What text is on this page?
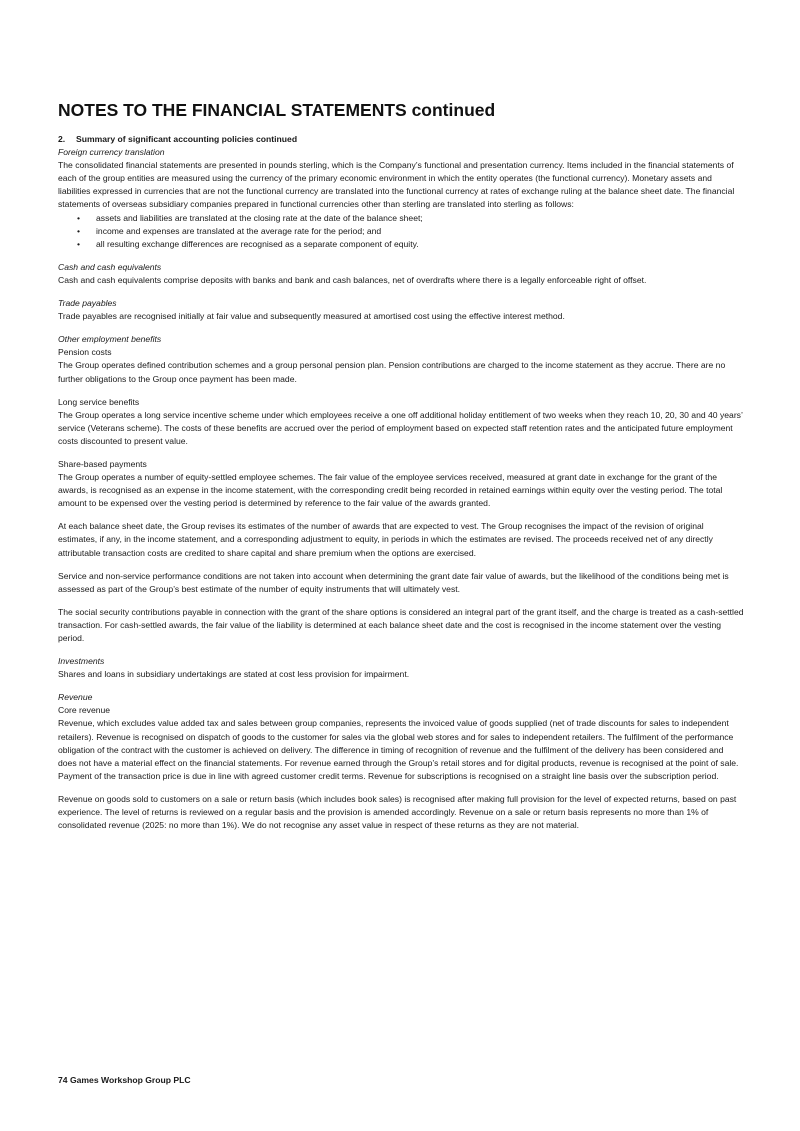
NOTES TO THE FINANCIAL STATEMENTS continued

2. Summary of significant accounting policies continued

Foreign currency translation

The consolidated financial statements are presented in pounds sterling, which is the Company’s functional and presentation currency. Items included in the financial statements of each of the group entities are measured using the currency of the primary economic environment in which the entity operates (the functional currency). Monetary assets and liabilities expressed in currencies that are not the functional currency are translated into the functional currency at rates of exchange ruling at the balance sheet date. The financial statements of overseas subsidiary companies prepared in functional currencies other than sterling are translated into sterling as follows:

• assets and liabilities are translated at the closing rate at the date of the balance sheet;
• income and expenses are translated at the average rate for the period; and
• all resulting exchange differences are recognised as a separate component of equity.

Cash and cash equivalents

Cash and cash equivalents comprise deposits with banks and bank and cash balances, net of overdrafts where there is a legally enforceable right of offset.

Trade payables

Trade payables are recognised initially at fair value and subsequently measured at amortised cost using the effective interest method.

Other employment benefits

Pension costs

The Group operates defined contribution schemes and a group personal pension plan. Pension contributions are charged to the income statement as they accrue. There are no further obligations to the Group once payment has been made.

Long service benefits

The Group operates a long service incentive scheme under which employees receive a one off additional holiday entitlement of two weeks when they reach 10, 20, 30 and 40 years’ service (Veterans scheme). The costs of these benefits are accrued over the period of employment based on expected staff retention rates and the anticipated future employment costs discounted to present value.

Share-based payments

The Group operates a number of equity-settled employee schemes. The fair value of the employee services received, measured at grant date in exchange for the grant of the awards, is recognised as an expense in the income statement, with the corresponding credit being recorded in retained earnings within equity over the vesting period. The total amount to be expensed over the vesting period is determined by reference to the fair value of the awards granted.

At each balance sheet date, the Group revises its estimates of the number of awards that are expected to vest. The Group recognises the impact of the revision of original estimates, if any, in the income statement, and a corresponding adjustment to equity, in periods in which the estimates are revised. The proceeds received net of any directly attributable transaction costs are credited to share capital and share premium when the options are exercised.

Service and non-service performance conditions are not taken into account when determining the grant date fair value of awards, but the likelihood of the conditions being met is assessed as part of the Group’s best estimate of the number of equity instruments that will ultimately vest.

The social security contributions payable in connection with the grant of the share options is considered an integral part of the grant itself, and the charge is treated as a cash-settled transaction. For cash-settled awards, the fair value of the liability is determined at each balance sheet date and the cost is recognised in the income statement over the vesting period.

Investments

Shares and loans in subsidiary undertakings are stated at cost less provision for impairment.

Revenue

Core revenue

Revenue, which excludes value added tax and sales between group companies, represents the invoiced value of goods supplied (net of trade discounts for sales to independent retailers). Revenue is recognised on dispatch of goods to the customer for sales via the global web stores and for sales to independent retailers. The fulfilment of the performance obligation of the contract with the customer is achieved on delivery. The difference in timing of recognition of revenue and the fulfilment of the delivery has been considered and does not have a material effect on the financial statements. For revenue earned through the Group’s retail stores and for digital products, revenue is recognised at the point of sale. Payment of the transaction price is due in line with agreed customer credit terms. Revenue for subscriptions is recognised on a straight line basis over the subscription period.

Revenue on goods sold to customers on a sale or return basis (which includes book sales) is recognised after making full provision for the level of expected returns, based on past experience. The level of returns is reviewed on a regular basis and the provision is amended accordingly. Revenue on a sale or return basis represents no more than 1% of consolidated revenue (2025: no more than 1%). We do not recognise any asset value in respect of these returns as they are not material.

74 Games Workshop Group PLC
